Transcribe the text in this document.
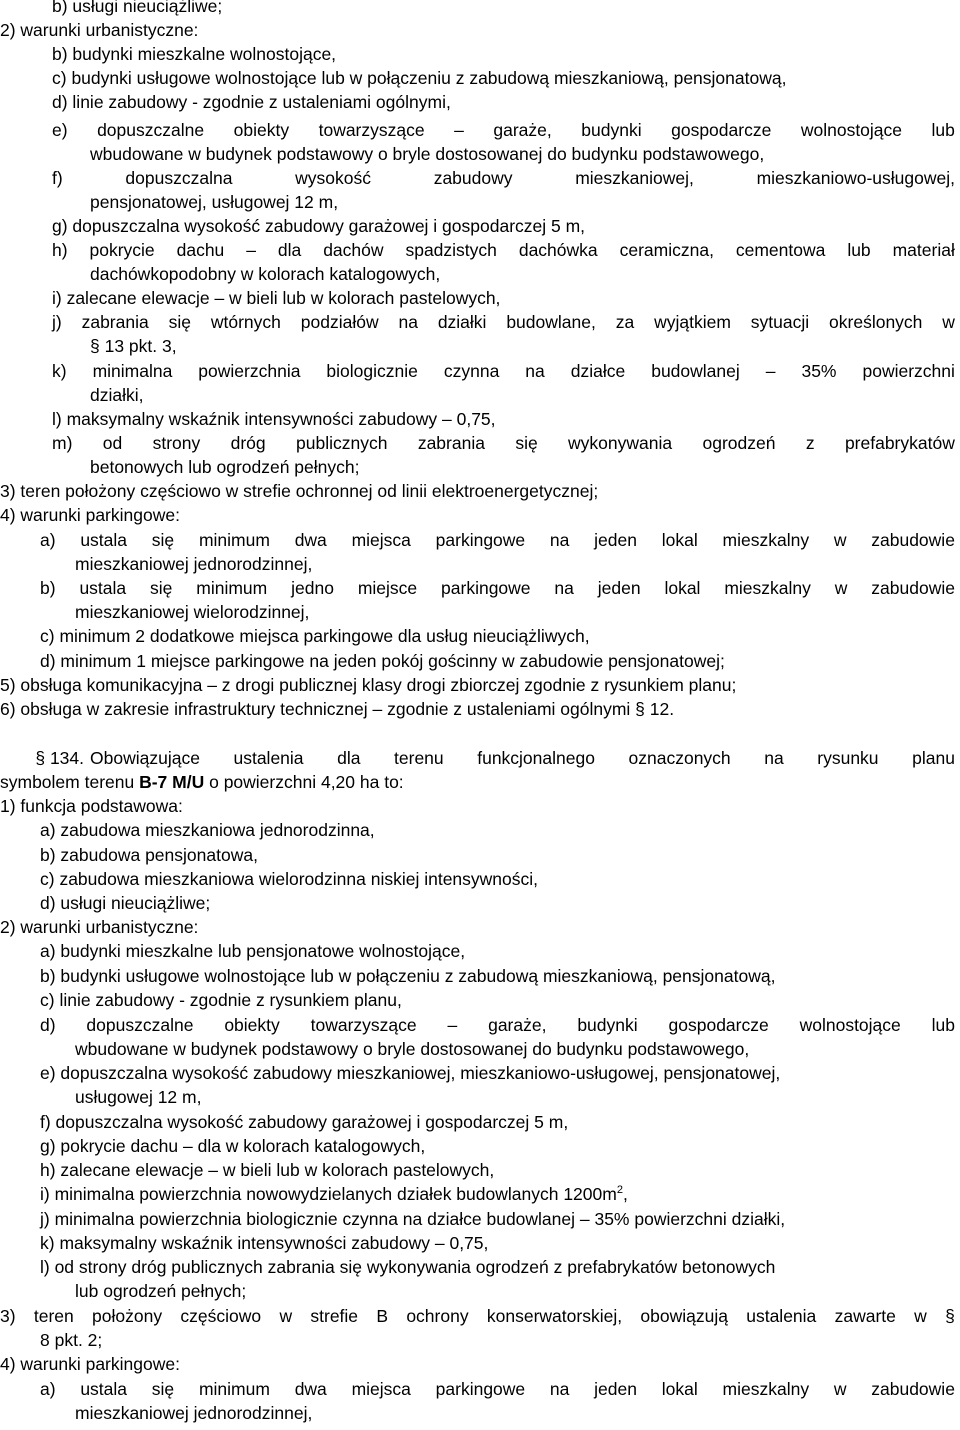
b) usługi nieuciążliwe;
2) warunki urbanistyczne:
b) budynki mieszkalne wolnostojące,
c) budynki usługowe wolnostojące lub w połączeniu z zabudową mieszkaniową, pensjonatową,
d) linie zabudowy - zgodnie z ustaleniami ogólnymi,
e) dopuszczalne obiekty towarzyszące – garaże, budynki gospodarcze wolnostojące lub
wbudowane w budynek podstawowy o bryle dostosowanej do budynku podstawowego,
f)	dopuszczalna	wysokość	zabudowy	mieszkaniowej,	mieszkaniowo-usługowej,
pensjonatowej, usługowej 12 m,
g) dopuszczalna wysokość zabudowy garażowej i gospodarczej 5 m,
h) pokrycie dachu – dla dachów spadzistych dachówka ceramiczna, cementowa lub materiał
dachówkopodobny w kolorach katalogowych,
i) zalecane elewacje – w bieli lub w kolorach pastelowych,
j) zabrania się wtórnych podziałów na działki budowlane, za wyjątkiem sytuacji określonych w
§ 13 pkt. 3,
k) minimalna powierzchnia biologicznie czynna na działce budowlanej – 35% powierzchni
działki,
l) maksymalny wskaźnik intensywności zabudowy – 0,75,
m) od strony dróg publicznych zabrania się wykonywania ogrodzeń z prefabrykatów
betonowych lub ogrodzeń pełnych;
3) teren położony częściowo w strefie ochronnej od linii elektroenergetycznej;
4) warunki parkingowe:
a) ustala się minimum dwa miejsca parkingowe na jeden lokal mieszkalny w zabudowie
mieszkaniowej jednorodzinnej,
b) ustala się minimum jedno miejsce parkingowe na jeden lokal mieszkalny w zabudowie
mieszkaniowej wielorodzinnej,
c) minimum 2 dodatkowe miejsca parkingowe dla usług nieuciążliwych,
d) minimum 1 miejsce parkingowe na jeden pokój gościnny w zabudowie pensjonatowej;
5) obsługa komunikacyjna – z drogi publicznej klasy drogi zbiorczej zgodnie z rysunkiem planu;
6) obsługa w zakresie infrastruktury technicznej – zgodnie z ustaleniami ogólnymi § 12.
§ 134. Obowiązujące ustalenia dla terenu funkcjonalnego oznaczonych na rysunku planu
symbolem terenu B-7 M/U o powierzchni 4,20 ha to:
1) funkcja podstawowa:
a) zabudowa mieszkaniowa jednorodzinna,
b) zabudowa pensjonatowa,
c) zabudowa mieszkaniowa wielorodzinna niskiej intensywności,
d) usługi nieuciążliwe;
2) warunki urbanistyczne:
a) budynki mieszkalne lub pensjonatowe wolnostojące,
b) budynki usługowe wolnostojące lub w połączeniu z zabudową mieszkaniową, pensjonatową,
c) linie zabudowy - zgodnie z rysunkiem planu,
d) dopuszczalne obiekty towarzyszące – garaże, budynki gospodarcze wolnostojące lub
wbudowane w budynek podstawowy o bryle dostosowanej do budynku podstawowego,
e) dopuszczalna wysokość zabudowy mieszkaniowej, mieszkaniowo-usługowej, pensjonatowej,
usługowej 12 m,
f) dopuszczalna wysokość zabudowy garażowej i gospodarczej 5 m,
g) pokrycie dachu – dla w kolorach katalogowych,
h) zalecane elewacje – w bieli lub w kolorach pastelowych,
i) minimalna powierzchnia nowowydzielanych działek budowlanych $1200m^2$,
j) minimalna powierzchnia biologicznie czynna na działce budowlanej – 35% powierzchni działki,
k) maksymalny wskaźnik intensywności zabudowy – 0,75,
l) od strony dróg publicznych zabrania się wykonywania ogrodzeń z prefabrykatów betonowych
lub ogrodzeń pełnych;
3) teren położony częściowo w strefie B ochrony konserwatorskiej, obowiązują ustalenia zawarte w §
8 pkt. 2;
4) warunki parkingowe:
a) ustala się minimum dwa miejsca parkingowe na jeden lokal mieszkalny w zabudowie
mieszkaniowej jednorodzinnej,
